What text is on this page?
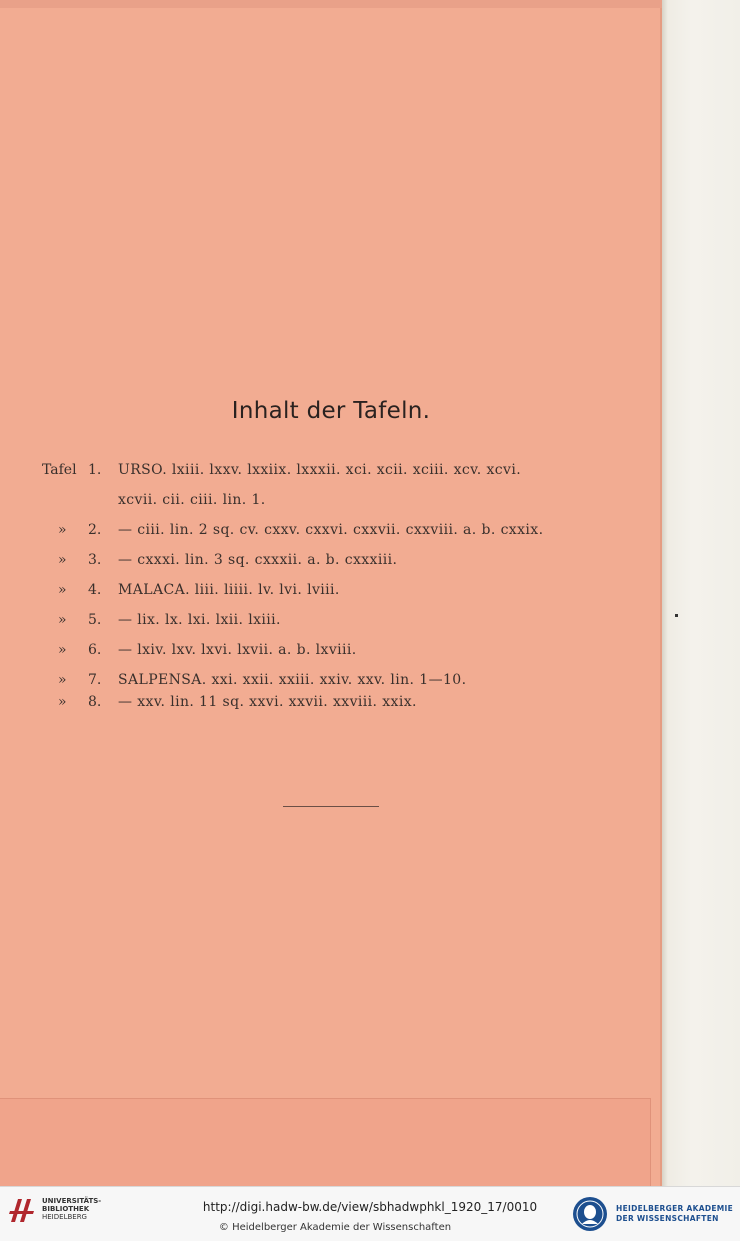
Inhalt der Tafeln.
Tafel 1. URSO. lxiii. lxxv. lxxiix. lxxxii. xci. xcii. xciii. xcv. xcvi.
xcvii. cii. ciii. lin. 1.
» 2. — ciii. lin. 2 sq. cv. cxxv. cxxvi. cxxvii. cxxviii. a. b. cxxix.
» 3. — cxxxi. lin. 3 sq. cxxxii. a. b. cxxxiii.
» 4. MALACA. liii. liiii. lv. lvi. lviii.
» 5. — lix. lx. lxi. lxii. lxiii.
» 6. — lxiv. lxv. lxvi. lxvii. a. b. lxviii.
» 7. SALPENSA. xxi. xxii. xxiii. xxiv. xxv. lin. 1—10.
» 8. — xxv. lin. 11 sq. xxvi. xxvii. xxviii. xxix.
UNIVERSITÄTS-
BIBLIOTHEK
HEIDELBERG
http://digi.hadw-bw.de/view/sbhadwphkl_1920_17/0010
© Heidelberger Akademie der Wissenschaften
HEIDELBERGER AKADEMIE
DER WISSENSCHAFTEN
